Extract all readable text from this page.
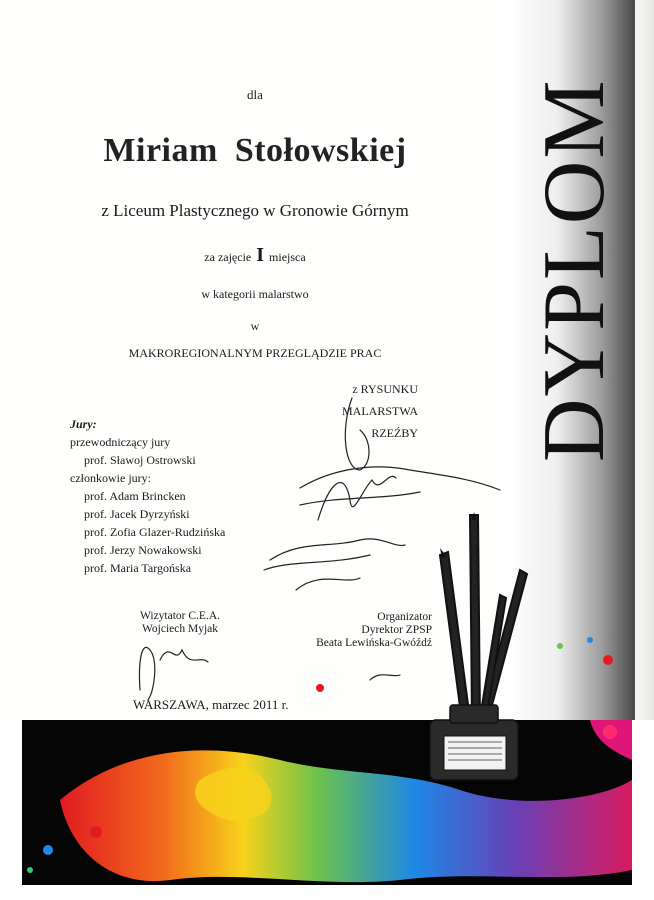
DYPLOM
dla
Miriam Stołowskiej
z Liceum Plastycznego w Gronowie Górnym
za zajęcie I miejsca
w kategorii malarstwo
w
MAKROREGIONALNYM PRZEGLĄDZIE PRAC
z RYSUNKU
MALARSTWA
RZEŹBY
Jury:
przewodniczący jury
prof. Sławoj Ostrowski
członkowie jury:
prof. Adam Brincken
prof. Jacek Dyrzyński
prof. Zofia Glazer-Rudzińska
prof. Jerzy Nowakowski
prof. Maria Targońska
Wizytator C.E.A.
Wojciech Myjak
Organizator
Dyrektor ZPSP
Beata Lewińska-Gwóźdź
WARSZAWA, marzec 2011 r.
